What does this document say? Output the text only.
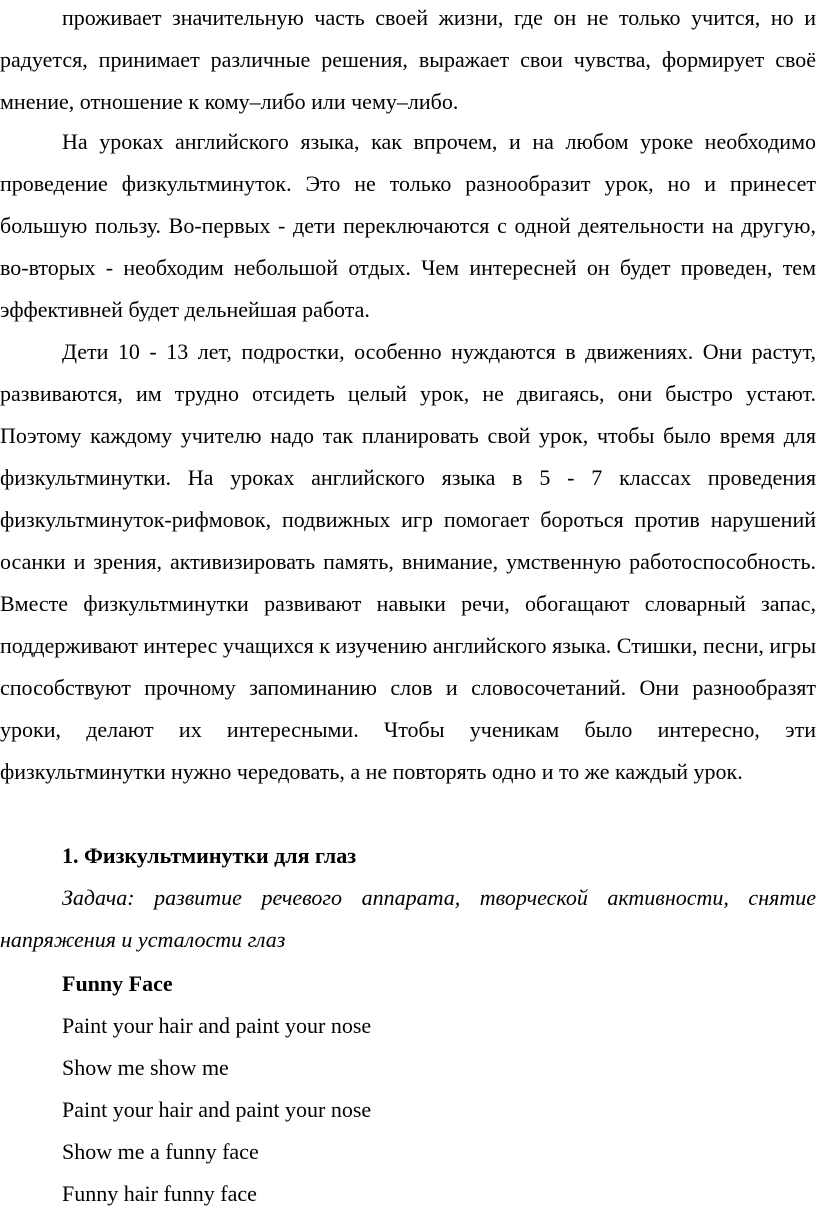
проживает значительную часть своей жизни, где он не только учится, но и радуется, принимает различные решения, выражает свои чувства, формирует своё мнение, отношение к кому–либо или чему–либо.

На уроках английского языка, как впрочем, и на любом уроке необходимо проведение физкультминуток. Это не только разнообразит урок, но и принесет большую пользу. Во-первых - дети переключаются с одной деятельности на другую, во-вторых - необходим небольшой отдых. Чем интересней он будет проведен, тем эффективней будет дельнейшая работа.

Дети 10 - 13 лет, подростки, особенно нуждаются в движениях. Они растут, развиваются, им трудно отсидеть целый урок, не двигаясь, они быстро устают. Поэтому каждому учителю надо так планировать свой урок, чтобы было время для физкультминутки. На уроках английского языка в 5 - 7 классах проведения физкультминуток-рифмовок, подвижных игр помогает бороться против нарушений осанки и зрения, активизировать память, внимание, умственную работоспособность. Вместе физкультминутки развивают навыки речи, обогащают словарный запас, поддерживают интерес учащихся к изучению английского языка. Стишки, песни, игры способствуют прочному запоминанию слов и словосочетаний. Они разнообразят уроки, делают их интересными. Чтобы ученикам было интересно, эти физкультминутки нужно чередовать, а не повторять одно и то же каждый урок.

1. Физкультминутки для глаз

Задача: развитие речевого аппарата, творческой активности, снятие напряжения и усталости глаз

Funny Face
Paint your hair and paint your nose
Show me show me
Paint your hair and paint your nose
Show me a funny face
Funny hair funny face
